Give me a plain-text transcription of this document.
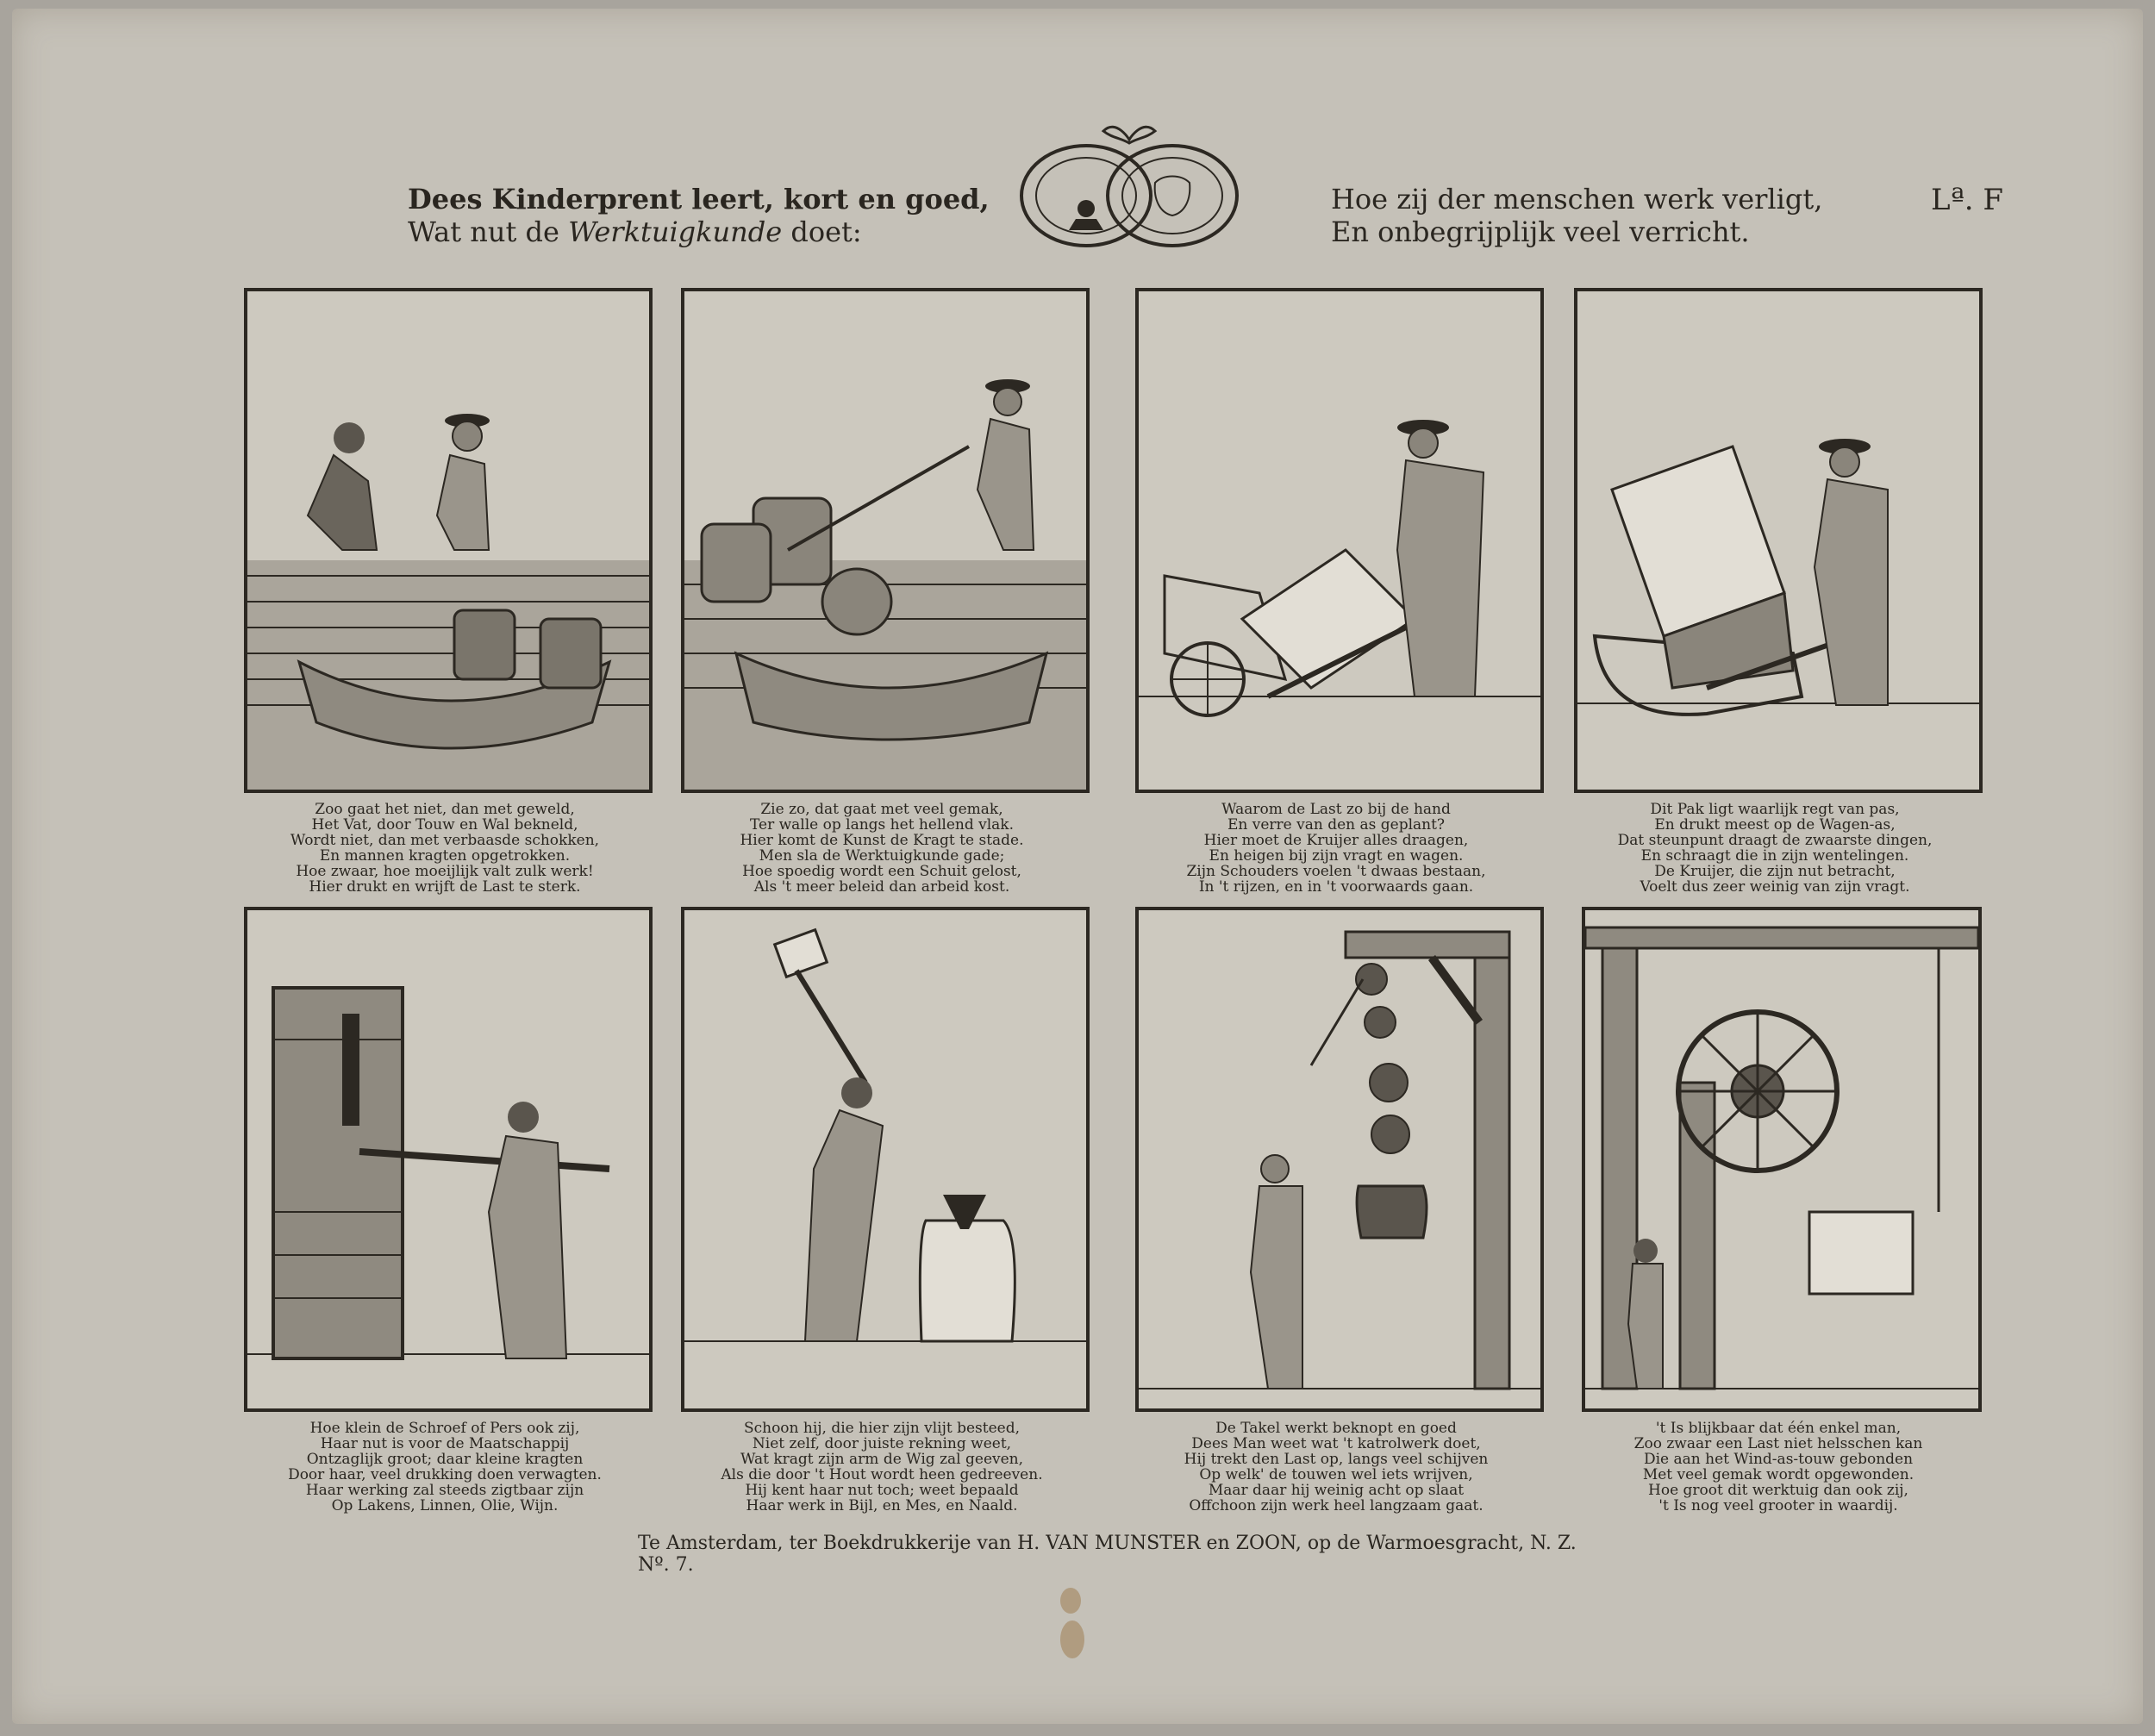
Dees Kinderprent leert, kort en goed,
Wat nut de Werktuigkunde doet:
Hoe zij der menschen werk verligt,
En onbegrijplijk veel verricht.
Lª. F
Zoo gaat het niet, dan met geweld,
Het Vat, door Touw en Wal bekneld,
Wordt niet, dan met verbaasde schokken,
En mannen kragten opgetrokken.
Hoe zwaar, hoe moeijlijk valt zulk werk!
Hier drukt en wrijft de Last te sterk.
Zie zo, dat gaat met veel gemak,
Ter walle op langs het hellend vlak.
Hier komt de Kunst de Kragt te stade.
Men sla de Werktuigkunde gade;
Hoe spoedig wordt een Schuit gelost,
Als 't meer beleid dan arbeid kost.
Waarom de Last zo bij de hand
En verre van den as geplant?
Hier moet de Kruijer alles draagen,
En heigen bij zijn vragt en wagen.
Zijn Schouders voelen 't dwaas bestaan,
In 't rijzen, en in 't voorwaards gaan.
Dit Pak ligt waarlijk regt van pas,
En drukt meest op de Wagen-as,
Dat steunpunt draagt de zwaarste dingen,
En schraagt die in zijn wentelingen.
De Kruijer, die zijn nut betracht,
Voelt dus zeer weinig van zijn vragt.
Hoe klein de Schroef of Pers ook zij,
Haar nut is voor de Maatschappij
Ontzaglijk groot; daar kleine kragten
Door haar, veel drukking doen verwagten.
Haar werking zal steeds zigtbaar zijn
Op Lakens, Linnen, Olie, Wijn.
Schoon hij, die hier zijn vlijt besteed,
Niet zelf, door juiste rekning weet,
Wat kragt zijn arm de Wig zal geeven,
Als die door 't Hout wordt heen gedreeven.
Hij kent haar nut toch; weet bepaald
Haar werk in Bijl, en Mes, en Naald.
De Takel werkt beknopt en goed
Dees Man weet wat 't katrolwerk doet,
Hij trekt den Last op, langs veel schijven
Op welk' de touwen wel iets wrijven,
Maar daar hij weinig acht op slaat
Offchoon zijn werk heel langzaam gaat.
't Is blijkbaar dat één enkel man,
Zoo zwaar een Last niet helsschen kan
Die aan het Wind-as-touw gebonden
Met veel gemak wordt opgewonden.
Hoe groot dit werktuig dan ook zij,
't Is nog veel grooter in waardij.
Te Amsterdam, ter Boekdrukkerije van H. VAN MUNSTER en ZOON, op de Warmoesgracht, N. Z. Nº. 7.
